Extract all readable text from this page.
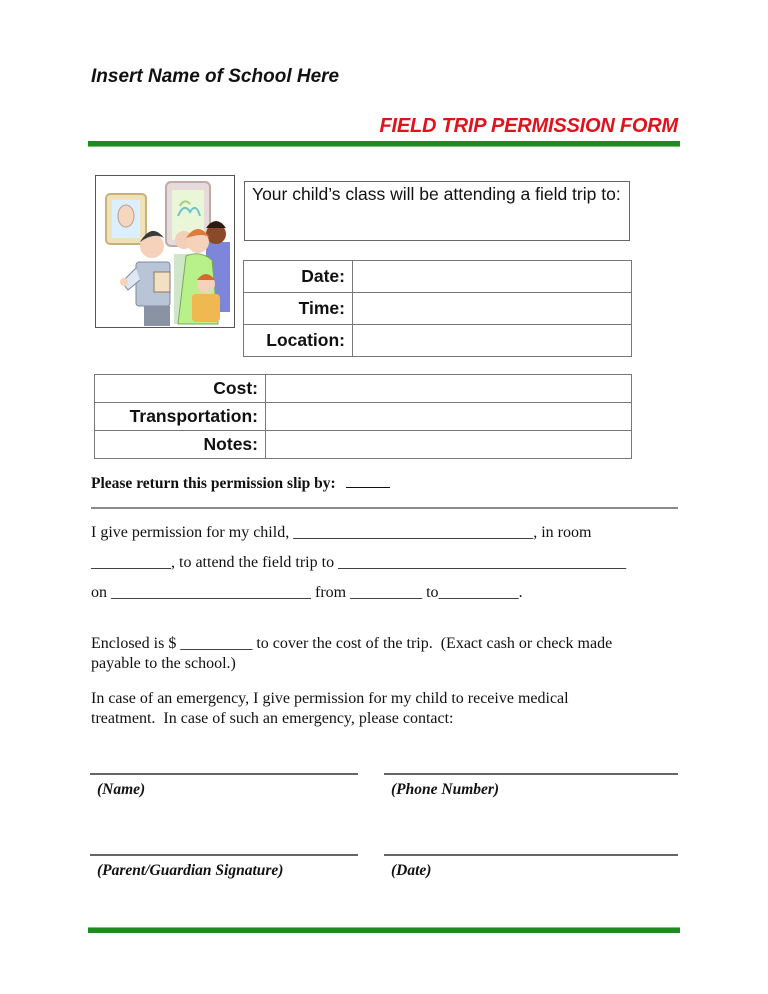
Insert Name of School Here
FIELD TRIP PERMISSION FORM
Your child’s class will be attending a field trip to:
Date:	
Time:	
Location:	
Cost:	
Transportation:	
Notes:	
Please return this permission slip by:
I give permission for my child, ______________________________, in room
__________, to attend the field trip to ____________________________________
on _________________________ from _________ to__________.
Enclosed is $ _________ to cover the cost of the trip.  (Exact cash or check made
payable to the school.)
In case of an emergency, I give permission for my child to receive medical
treatment.  In case of such an emergency, please contact:
(Name)	(Phone Number)
(Parent/Guardian Signature)	(Date)
